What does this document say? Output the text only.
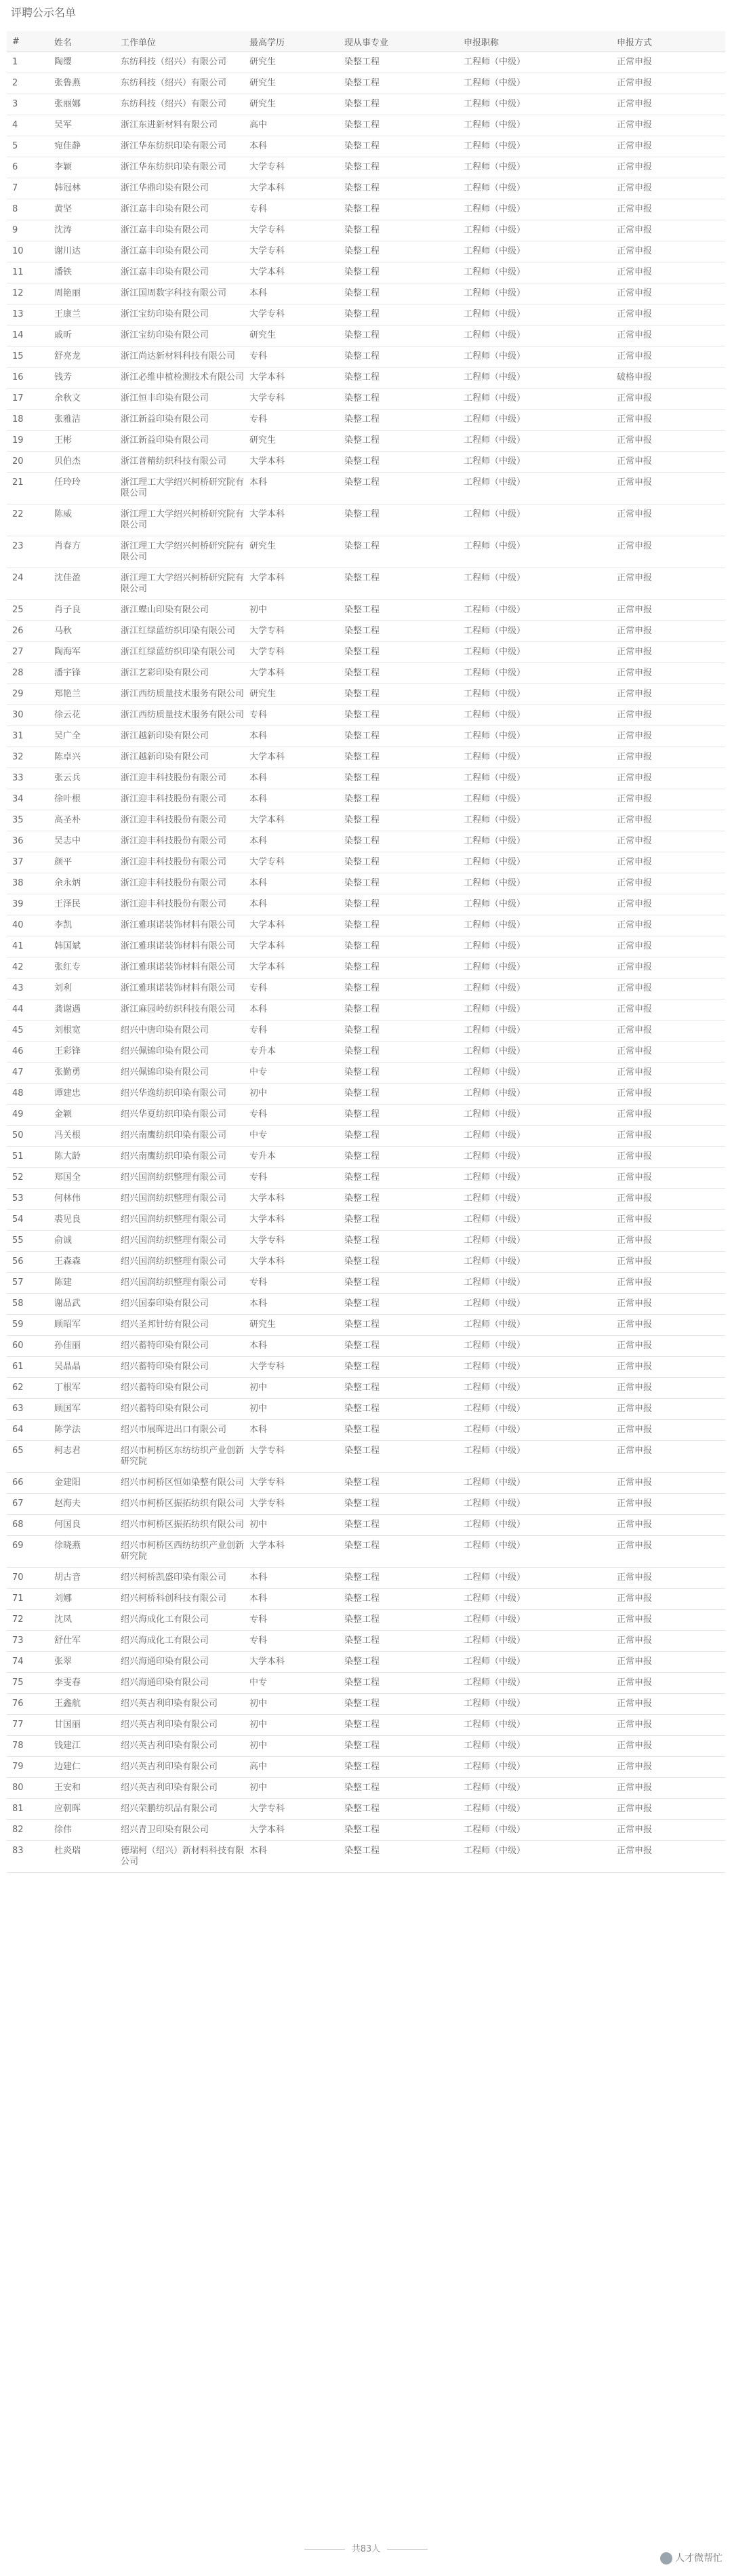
评聘公示名单
#	姓名	工作单位	最高学历	现从事专业	申报职称	申报方式
1	陶缨	东纺科技（绍兴）有限公司	研究生	染整工程	工程师（中级）	正常申报
2	张鲁燕	东纺科技（绍兴）有限公司	研究生	染整工程	工程师（中级）	正常申报
3	张丽娜	东纺科技（绍兴）有限公司	研究生	染整工程	工程师（中级）	正常申报
4	吴军	浙江东进新材料有限公司	高中	染整工程	工程师（中级）	正常申报
5	宛佳静	浙江华东纺织印染有限公司	本科	染整工程	工程师（中级）	正常申报
6	李颖	浙江华东纺织印染有限公司	大学专科	染整工程	工程师（中级）	正常申报
7	韩冠林	浙江华鼎印染有限公司	大学本科	染整工程	工程师（中级）	正常申报
8	黄坚	浙江嘉丰印染有限公司	专科	染整工程	工程师（中级）	正常申报
9	沈涛	浙江嘉丰印染有限公司	大学专科	染整工程	工程师（中级）	正常申报
10	谢川达	浙江嘉丰印染有限公司	大学专科	染整工程	工程师（中级）	正常申报
11	潘铁	浙江嘉丰印染有限公司	大学本科	染整工程	工程师（中级）	正常申报
12	周艳丽	浙江国周数字科技有限公司	本科	染整工程	工程师（中级）	正常申报
13	王康兰	浙江宝纺印染有限公司	大学专科	染整工程	工程师（中级）	正常申报
14	戚昕	浙江宝纺印染有限公司	研究生	染整工程	工程师（中级）	正常申报
15	舒亮龙	浙江尚达新材料科技有限公司	专科	染整工程	工程师（中级）	正常申报
16	钱芳	浙江必维申植检测技术有限公司	大学本科	染整工程	工程师（中级）	破格申报
17	余秋文	浙江恒丰印染有限公司	大学专科	染整工程	工程师（中级）	正常申报
18	张雅洁	浙江新益印染有限公司	专科	染整工程	工程师（中级）	正常申报
19	王彬	浙江新益印染有限公司	研究生	染整工程	工程师（中级）	正常申报
20	贝伯杰	浙江普精纺织科技有限公司	大学本科	染整工程	工程师（中级）	正常申报
21	任玲玲	浙江理工大学绍兴柯桥研究院有限公司	本科	染整工程	工程师（中级）	正常申报
22	陈威	浙江理工大学绍兴柯桥研究院有限公司	大学本科	染整工程	工程师（中级）	正常申报
23	肖春方	浙江理工大学绍兴柯桥研究院有限公司	研究生	染整工程	工程师（中级）	正常申报
24	沈佳盈	浙江理工大学绍兴柯桥研究院有限公司	大学本科	染整工程	工程师（中级）	正常申报
25	肖子良	浙江蝶山印染有限公司	初中	染整工程	工程师（中级）	正常申报
26	马秋	浙江红绿蓝纺织印染有限公司	大学专科	染整工程	工程师（中级）	正常申报
27	陶海军	浙江红绿蓝纺织印染有限公司	大学专科	染整工程	工程师（中级）	正常申报
28	潘宇锋	浙江艺彩印染有限公司	大学本科	染整工程	工程师（中级）	正常申报
29	郑艳兰	浙江西纺质量技术服务有限公司	研究生	染整工程	工程师（中级）	正常申报
30	徐云花	浙江西纺质量技术服务有限公司	专科	染整工程	工程师（中级）	正常申报
31	吴广全	浙江越新印染有限公司	本科	染整工程	工程师（中级）	正常申报
32	陈卓兴	浙江越新印染有限公司	大学本科	染整工程	工程师（中级）	正常申报
33	张云兵	浙江迎丰科技股份有限公司	本科	染整工程	工程师（中级）	正常申报
34	徐叶根	浙江迎丰科技股份有限公司	本科	染整工程	工程师（中级）	正常申报
35	高圣朴	浙江迎丰科技股份有限公司	大学本科	染整工程	工程师（中级）	正常申报
36	吴志中	浙江迎丰科技股份有限公司	本科	染整工程	工程师（中级）	正常申报
37	颜平	浙江迎丰科技股份有限公司	大学专科	染整工程	工程师（中级）	正常申报
38	余永炳	浙江迎丰科技股份有限公司	本科	染整工程	工程师（中级）	正常申报
39	王泽民	浙江迎丰科技股份有限公司	本科	染整工程	工程师（中级）	正常申报
40	李凯	浙江雅琪诺装饰材料有限公司	大学本科	染整工程	工程师（中级）	正常申报
41	韩国斌	浙江雅琪诺装饰材料有限公司	大学本科	染整工程	工程师（中级）	正常申报
42	张红专	浙江雅琪诺装饰材料有限公司	大学本科	染整工程	工程师（中级）	正常申报
43	刘利	浙江雅琪诺装饰材料有限公司	专科	染整工程	工程师（中级）	正常申报
44	龚谢遇	浙江麻园岭纺织科技有限公司	本科	染整工程	工程师（中级）	正常申报
45	刘根宽	绍兴中唐印染有限公司	专科	染整工程	工程师（中级）	正常申报
46	王彩锋	绍兴佩锦印染有限公司	专升本	染整工程	工程师（中级）	正常申报
47	张勤勇	绍兴佩锦印染有限公司	中专	染整工程	工程师（中级）	正常申报
48	谭建忠	绍兴华逸纺织印染有限公司	初中	染整工程	工程师（中级）	正常申报
49	金颖	绍兴华夏纺织印染有限公司	专科	染整工程	工程师（中级）	正常申报
50	冯关根	绍兴南鹰纺织印染有限公司	中专	染整工程	工程师（中级）	正常申报
51	陈大龄	绍兴南鹰纺织印染有限公司	专升本	染整工程	工程师（中级）	正常申报
52	郑国全	绍兴国润纺织整理有限公司	专科	染整工程	工程师（中级）	正常申报
53	何林伟	绍兴国润纺织整理有限公司	大学本科	染整工程	工程师（中级）	正常申报
54	裘见良	绍兴国润纺织整理有限公司	大学本科	染整工程	工程师（中级）	正常申报
55	俞诚	绍兴国润纺织整理有限公司	大学专科	染整工程	工程师（中级）	正常申报
56	王森森	绍兴国润纺织整理有限公司	大学本科	染整工程	工程师（中级）	正常申报
57	陈建	绍兴国润纺织整理有限公司	专科	染整工程	工程师（中级）	正常申报
58	谢品武	绍兴国泰印染有限公司	本科	染整工程	工程师（中级）	正常申报
59	顾昭军	绍兴圣邦针纺有限公司	研究生	染整工程	工程师（中级）	正常申报
60	孙佳丽	绍兴蓄特印染有限公司	本科	染整工程	工程师（中级）	正常申报
61	吴晶晶	绍兴蓄特印染有限公司	大学专科	染整工程	工程师（中级）	正常申报
62	丁根军	绍兴蓄特印染有限公司	初中	染整工程	工程师（中级）	正常申报
63	顾国军	绍兴蓄特印染有限公司	初中	染整工程	工程师（中级）	正常申报
64	陈学法	绍兴市展晖进出口有限公司	本科	染整工程	工程师（中级）	正常申报
65	柯志君	绍兴市柯桥区东纺纺织产业创新研究院	大学专科	染整工程	工程师（中级）	正常申报
66	金建阳	绍兴市柯桥区恒如染整有限公司	大学专科	染整工程	工程师（中级）	正常申报
67	赵海夫	绍兴市柯桥区振拓纺织有限公司	大学专科	染整工程	工程师（中级）	正常申报
68	何国良	绍兴市柯桥区振拓纺织有限公司	初中	染整工程	工程师（中级）	正常申报
69	徐晓燕	绍兴市柯桥区西纺纺织产业创新研究院	大学本科	染整工程	工程师（中级）	正常申报
70	胡古音	绍兴柯桥凯盛印染有限公司	本科	染整工程	工程师（中级）	正常申报
71	刘娜	绍兴柯桥科创科技有限公司	本科	染整工程	工程师（中级）	正常申报
72	沈凤	绍兴海成化工有限公司	专科	染整工程	工程师（中级）	正常申报
73	舒仕军	绍兴海成化工有限公司	专科	染整工程	工程师（中级）	正常申报
74	张翠	绍兴海通印染有限公司	大学本科	染整工程	工程师（中级）	正常申报
75	李雯春	绍兴海通印染有限公司	中专	染整工程	工程师（中级）	正常申报
76	王鑫航	绍兴英吉利印染有限公司	初中	染整工程	工程师（中级）	正常申报
77	甘国丽	绍兴英吉利印染有限公司	初中	染整工程	工程师（中级）	正常申报
78	钱建江	绍兴英吉利印染有限公司	初中	染整工程	工程师（中级）	正常申报
79	边建仁	绍兴英吉利印染有限公司	高中	染整工程	工程师（中级）	正常申报
80	王安和	绍兴英吉利印染有限公司	初中	染整工程	工程师（中级）	正常申报
81	应朝晖	绍兴荣鹏纺织品有限公司	大学专科	染整工程	工程师（中级）	正常申报
82	徐伟	绍兴青卫印染有限公司	大学本科	染整工程	工程师（中级）	正常申报
83	杜炎瑞	德瑞柯（绍兴）新材料科技有限公司	本科	染整工程	工程师（中级）	正常申报
共83人
人才微帮忙
